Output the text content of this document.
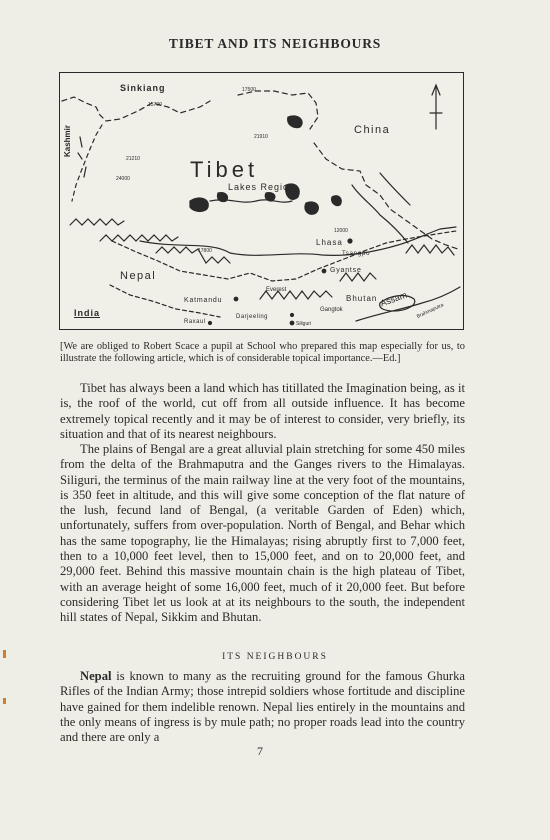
TIBET AND ITS NEIGHBOURS
Sinkiang
China
Kashmir
Tibet
Lakes Region
Lhasa
Tsangpo
Gyantse
Nepal
Everest
Bhutan
Gangtok
Katmandu	Assam
Brahmaputra
India
Raxaul
Darjeeling
Siliguri
17500
15700
21910
21210
24000
17800
12000
[We are obliged to Robert Scace a pupil at School who prepared this map especially for us, to illustrate the following article, which is of considerable topical importance.—Ed.]

Tibet has always been a land which has titillated the Imagination being, as it is, the roof of the world, cut off from all outside influence. It has become extremely topical recently and it may be of interest to consider, very briefly, its situation and that of its nearest neighbours.

The plains of Bengal are a great alluvial plain stretching for some 450 miles from the delta of the Brahmaputra and the Ganges rivers to the Himalayas. Siliguri, the terminus of the main railway line at the very foot of the mountains, is 350 feet in altitude, and this will give some conception of the flat nature of the lush, fecund land of Bengal, (a veritable Garden of Eden) which, unfortunately, suffers from over-population. North of Bengal, and Behar which has the same topography, lie the Himalayas; rising abruptly first to 7,000 feet, then to a 10,000 feet level, then to 15,000 feet, and on to 20,000 feet, and 29,000 feet. Behind this massive mountain chain is the high plateau of Tibet, with an average height of some 16,000 feet, much of it 20,000 feet. But before considering Tibet let us look at at its neighbours to the south, the independent hill states of Nepal, Sikkim and Bhutan.

ITS NEIGHBOURS

Nepal is known to many as the recruiting ground for the famous Ghurka Rifles of the Indian Army; those intrepid soldiers whose fortitude and discipline have gained for them indelible renown. Nepal lies entirely in the mountains and the only means of ingress is by mule path; no proper roads lead into the country and there are only a

7
